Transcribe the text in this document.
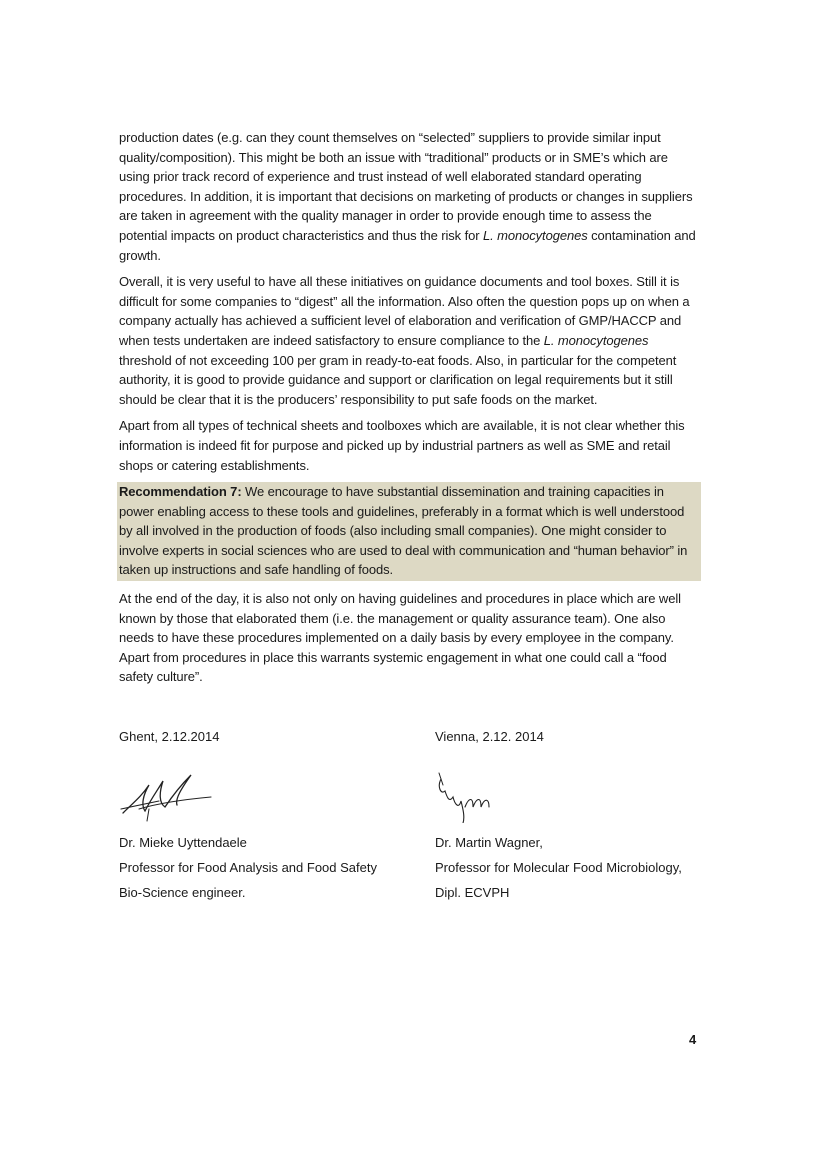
production dates (e.g. can they count themselves on “selected” suppliers to provide similar input quality/composition). This might be both an issue with “traditional” products or in SME’s which are using prior track record of experience and trust instead of well elaborated standard operating procedures. In addition, it is important that decisions on marketing of products or changes in suppliers are taken in agreement with the quality manager in order to provide enough time to assess the potential impacts on product characteristics and thus the risk for L. monocytogenes contamination and growth.

Overall, it is very useful to have all these initiatives on guidance documents and tool boxes. Still it is difficult for some companies to “digest” all the information. Also often the question pops up on when a company actually has achieved a sufficient level of elaboration and verification of GMP/HACCP and when tests undertaken are indeed satisfactory to ensure compliance to the L. monocytogenes threshold of not exceeding 100 per gram in ready-to-eat foods. Also, in particular for the competent authority, it is good to provide guidance and support or clarification on legal requirements but it still should be clear that it is the producers’ responsibility to put safe foods on the market.

Apart from all types of technical sheets and toolboxes which are available, it is not clear whether this information is indeed fit for purpose and picked up by industrial partners as well as SME and retail shops or catering establishments.

Recommendation 7: We encourage to have substantial dissemination and training capacities in power enabling access to these tools and guidelines, preferably in a format which is well understood by all involved in the production of foods (also including small companies). One might consider to involve experts in social sciences who are used to deal with communication and “human behavior” in taken up instructions and safe handling of foods.

At the end of the day, it is also not only on having guidelines and procedures in place which are well known by those that elaborated them (i.e. the management or quality assurance team). One also needs to have these procedures implemented on a daily basis by every employee in the company. Apart from procedures in place this warrants systemic engagement in what one could call a “food safety culture”.

Ghent, 2.12.2014

Dr. Mieke Uyttendaele

Professor for Food Analysis and Food Safety

Bio-Science engineer.

Vienna, 2.12. 2014

Dr. Martin Wagner,

Professor for Molecular Food Microbiology,

Dipl. ECVPH

4
